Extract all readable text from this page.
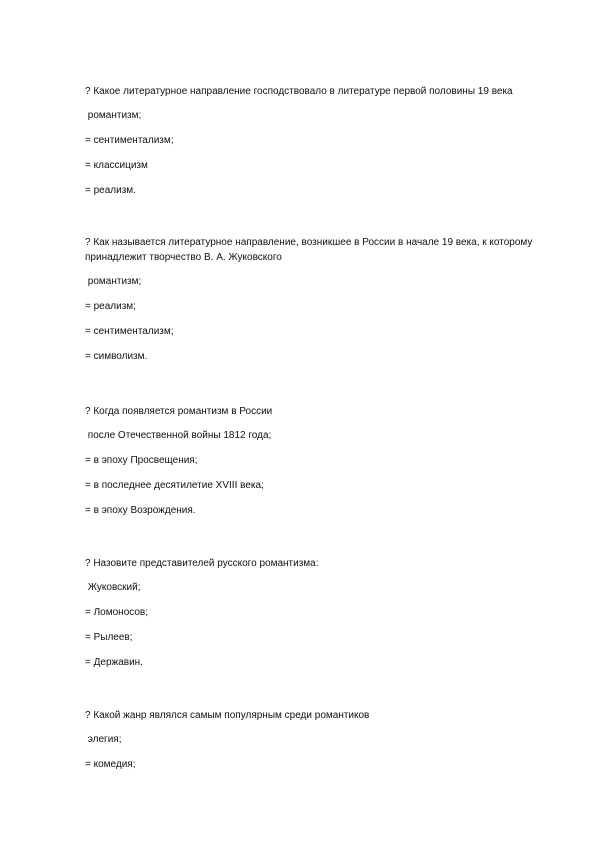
? Какое литературное направление господствовало в литературе первой половины 19 века

романтизм;

= сентиментализм;

= классицизм

= реализм.

? Как называется литературное направление, возникшее в России в начале 19 века, к которому принадлежит творчество В. А. Жуковского

романтизм;

= реализм;

= сентиментализм;

= символизм.

? Когда появляется романтизм в России

после Отечественной войны 1812 года;

= в эпоху Просвещения;

= в последнее десятилетие XVIII века;

= в эпоху Возрождения.

? Назовите представителей русского романтизма:

Жуковский;

= Ломоносов;

= Рылеев;

= Державин.

? Какой жанр являлся самым популярным среди романтиков

элегия;

= комедия;
